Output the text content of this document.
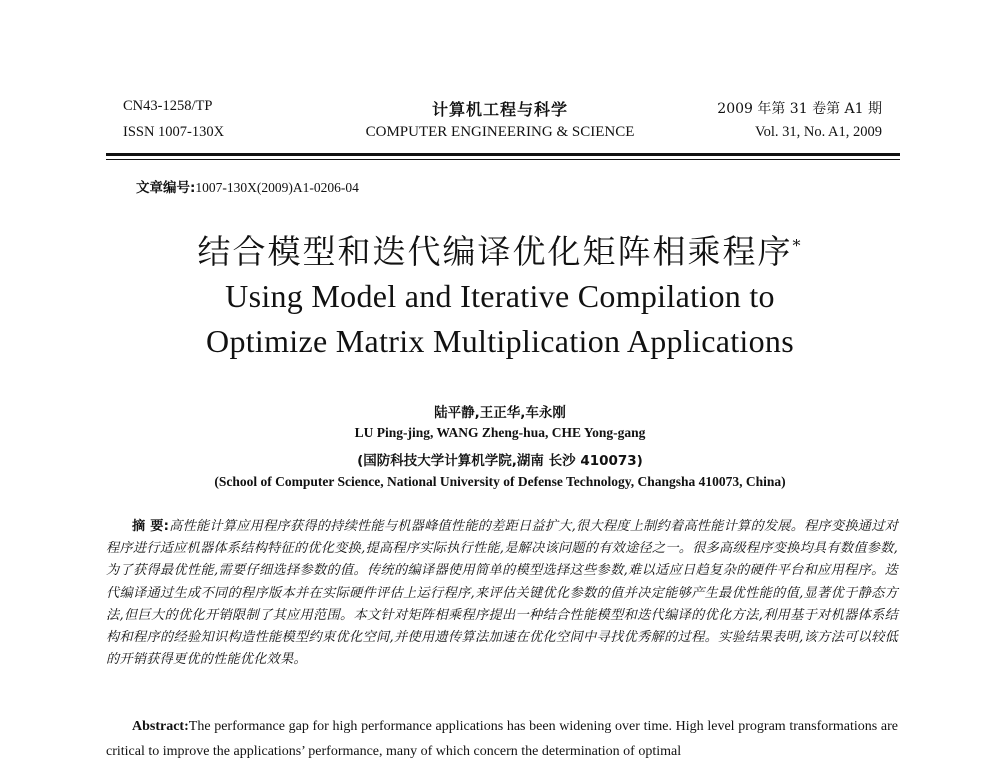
CN43-1258/TP
ISSN 1007-130X
计算机工程与科学
COMPUTER ENGINEERING & SCIENCE
2009 年第 31 卷第 A1 期
Vol. 31, No. A1, 2009
文章编号:1007-130X(2009)A1-0206-04
结合模型和迭代编译优化矩阵相乘程序*
Using Model and Iterative Compilation to
Optimize Matrix Multiplication Applications
陆平静,王正华,车永刚
LU Ping-jing, WANG Zheng-hua, CHE Yong-gang
(国防科技大学计算机学院,湖南 长沙 410073)
(School of Computer Science, National University of Defense Technology, Changsha 410073, China)
摘 要:高性能计算应用程序获得的持续性能与机器峰值性能的差距日益扩大,很大程度上制约着高性能计算的发展。程序变换通过对程序进行适应机器体系结构特征的优化变换,提高程序实际执行性能,是解决该问题的有效途径之一。很多高级程序变换均具有数值参数,为了获得最优性能,需要仔细选择参数的值。传统的编译器使用简单的模型选择这些参数,难以适应日趋复杂的硬件平台和应用程序。迭代编译通过生成不同的程序版本并在实际硬件评估上运行程序,来评估关键优化参数的值并决定能够产生最优性能的值,显著优于静态方法,但巨大的优化开销限制了其应用范围。本文针对矩阵相乘程序提出一种结合性能模型和迭代编译的优化方法,利用基于对机器体系结构和程序的经验知识构造性能模型约束优化空间,并使用遗传算法加速在优化空间中寻找优秀解的过程。实验结果表明,该方法可以较低的开销获得更优的性能优化效果。
Abstract:The performance gap for high performance applications has been widening over time. High level program transformations are critical to improve the applications’ performance, many of which concern the determination of optimal
